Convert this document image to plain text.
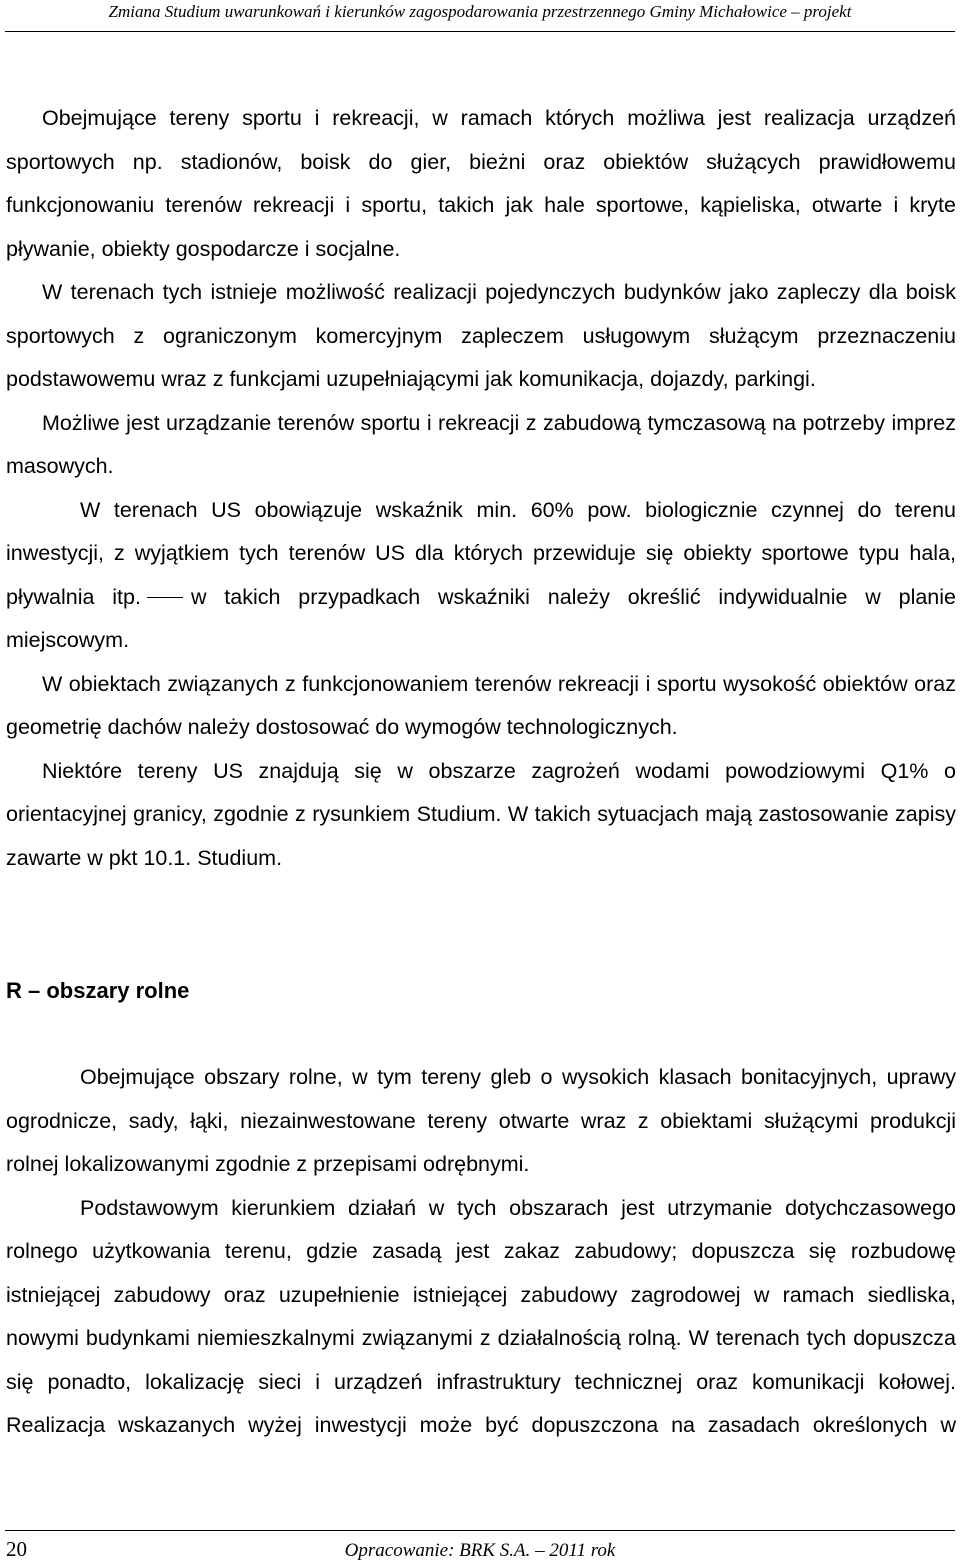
Zmiana Studium uwarunkowań i kierunków zagospodarowania przestrzennego Gminy Michałowice – projekt

Obejmujące tereny sportu i rekreacji, w ramach których możliwa jest realizacja urządzeń sportowych np. stadionów, boisk do gier, bieżni oraz obiektów służących prawidłowemu funkcjonowaniu terenów rekreacji i sportu, takich jak hale sportowe, kąpieliska, otwarte i kryte pływanie, obiekty gospodarcze i socjalne.

W terenach tych istnieje możliwość realizacji pojedynczych budynków jako zapleczy dla boisk sportowych z ograniczonym komercyjnym zapleczem usługowym służącym przeznaczeniu podstawowemu wraz z funkcjami uzupełniającymi jak komunikacja, dojazdy, parkingi.

Możliwe jest urządzanie terenów sportu i rekreacji z zabudową tymczasową na potrzeby imprez masowych.

W terenach US obowiązuje wskaźnik min. 60% pow. biologicznie czynnej do terenu inwestycji, z wyjątkiem tych terenów US dla których przewiduje się obiekty sportowe typu hala, pływalnia itp. w takich przypadkach wskaźniki należy określić indywidualnie w planie miejscowym.

W obiektach związanych z funkcjonowaniem terenów rekreacji i sportu wysokość obiektów oraz geometrię dachów należy dostosować do wymogów technologicznych.

Niektóre tereny US znajdują się w obszarze zagrożeń wodami powodziowymi Q1% o orientacyjnej granicy, zgodnie z rysunkiem Studium. W takich sytuacjach mają zastosowanie zapisy zawarte w pkt 10.1. Studium.

R – obszary rolne

Obejmujące obszary rolne, w tym tereny gleb o wysokich klasach bonitacyjnych, uprawy ogrodnicze, sady, łąki, niezainwestowane tereny otwarte wraz z obiektami służącymi produkcji rolnej lokalizowanymi zgodnie z przepisami odrębnymi.

Podstawowym kierunkiem działań w tych obszarach jest utrzymanie dotychczasowego rolnego użytkowania terenu, gdzie zasadą jest zakaz zabudowy; dopuszcza się rozbudowę istniejącej zabudowy oraz uzupełnienie istniejącej zabudowy zagrodowej w ramach siedliska, nowymi budynkami niemieszkalnymi związanymi z działalnością rolną. W terenach tych dopuszcza się ponadto, lokalizację sieci i urządzeń infrastruktury technicznej oraz komunikacji kołowej. Realizacja wskazanych wyżej inwestycji może być dopuszczona na zasadach określonych w

20	Opracowanie: BRK S.A. – 2011 rok
